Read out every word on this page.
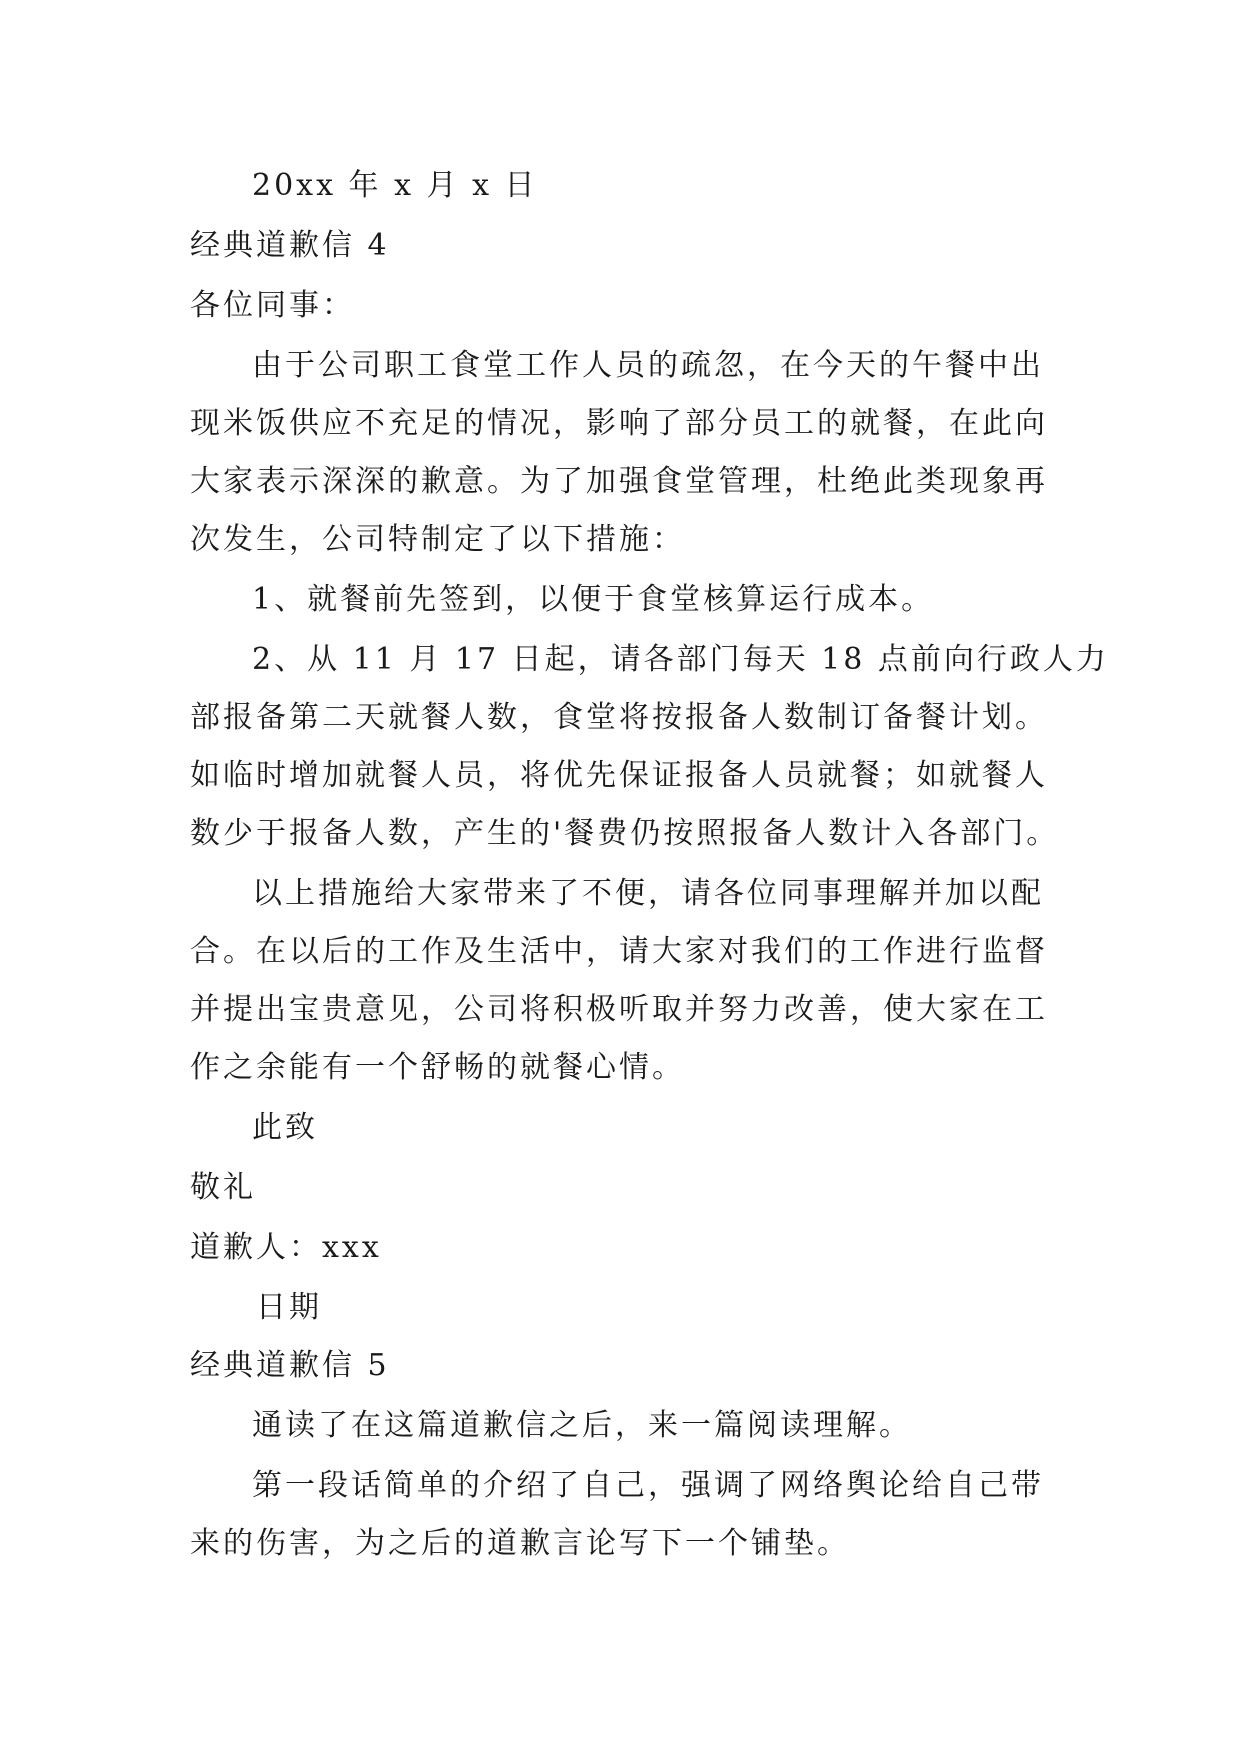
20xx 年 x 月 x 日

经典道歉信 4

各位同事：

由于公司职工食堂工作人员的疏忽，在今天的午餐中出

现米饭供应不充足的情况，影响了部分员工的就餐，在此向

大家表示深深的歉意。为了加强食堂管理，杜绝此类现象再

次发生，公司特制定了以下措施：

1、就餐前先签到，以便于食堂核算运行成本。

2、从 11 月 17 日起，请各部门每天 18 点前向行政人力

部报备第二天就餐人数，食堂将按报备人数制订备餐计划。

如临时增加就餐人员，将优先保证报备人员就餐；如就餐人

数少于报备人数，产生的'餐费仍按照报备人数计入各部门。

以上措施给大家带来了不便，请各位同事理解并加以配

合。在以后的工作及生活中，请大家对我们的工作进行监督

并提出宝贵意见，公司将积极听取并努力改善，使大家在工

作之余能有一个舒畅的就餐心情。

此致

敬礼

道歉人：xxx

日期

经典道歉信 5

通读了在这篇道歉信之后，来一篇阅读理解。

第一段话简单的介绍了自己，强调了网络舆论给自己带

来的伤害，为之后的道歉言论写下一个铺垫。
